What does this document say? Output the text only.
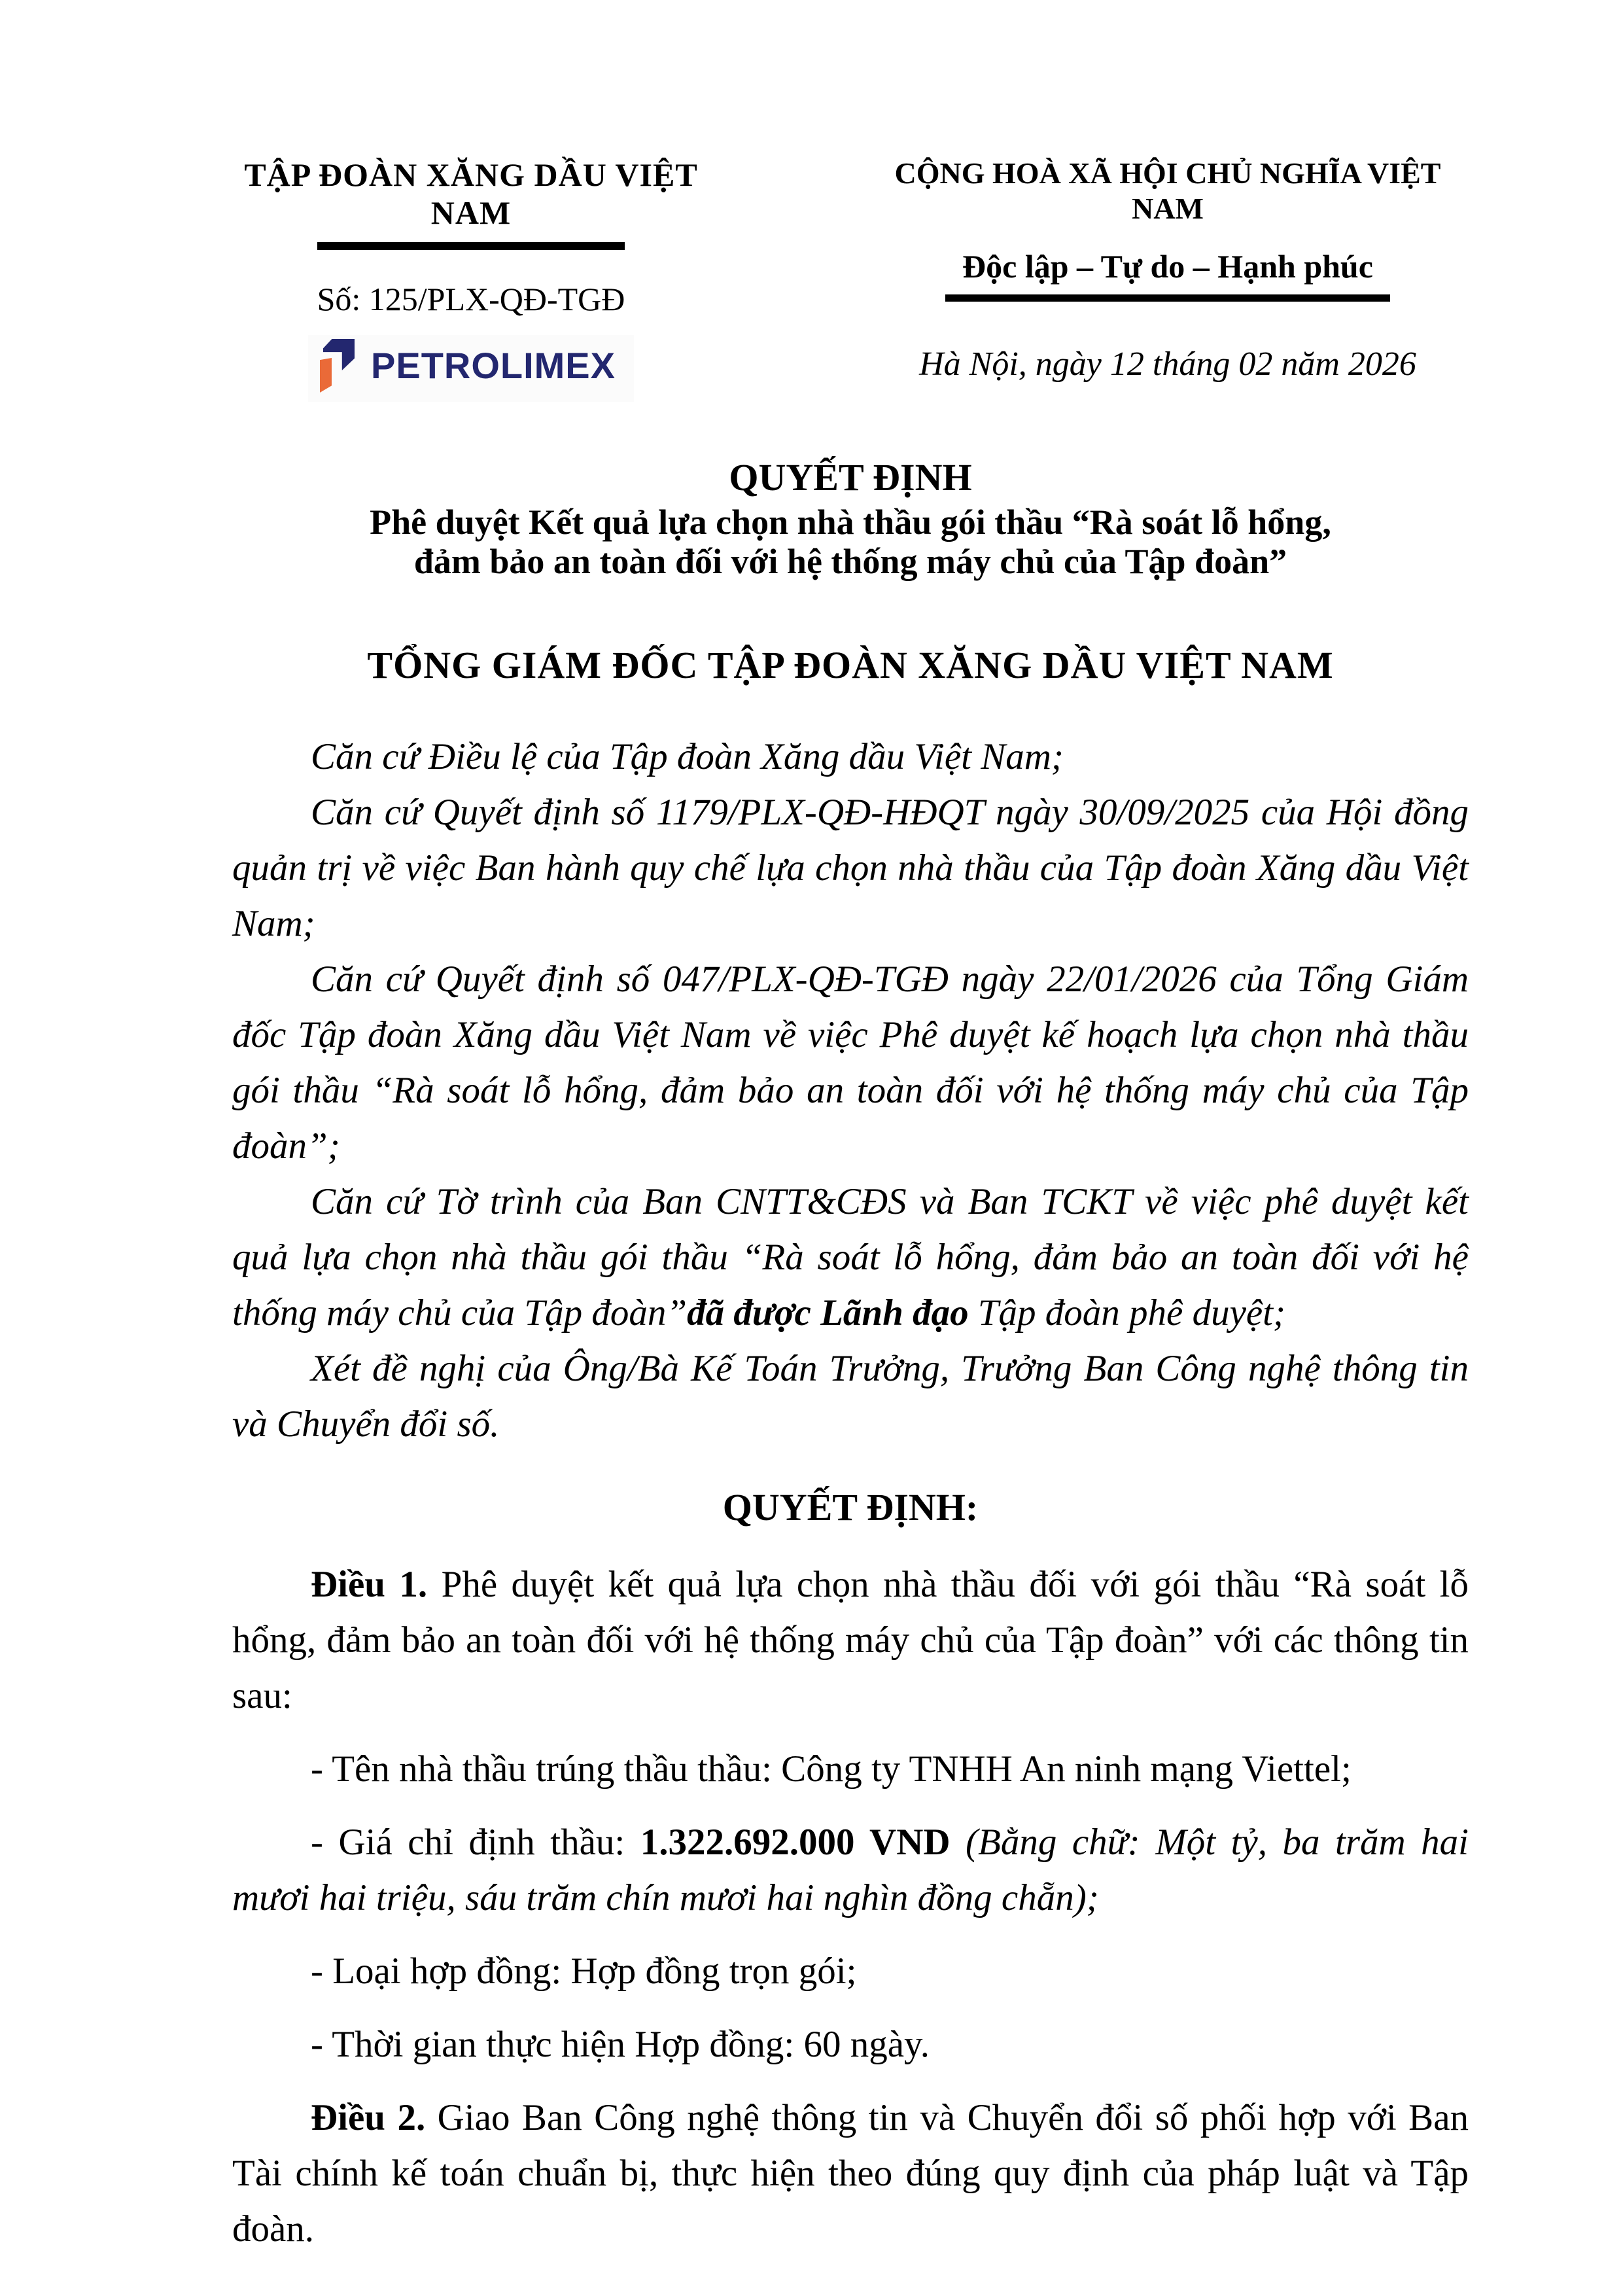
TẬP ĐOÀN XĂNG DẦU VIỆT NAM
Số: 125/PLX-QĐ-TGĐ
PETROLIMEX
CỘNG HOÀ XÃ HỘI CHỦ NGHĨA VIỆT NAM
Độc lập – Tự do – Hạnh phúc
Hà Nội, ngày 12 tháng 02 năm 2026
QUYẾT ĐỊNH
Phê duyệt Kết quả lựa chọn nhà thầu gói thầu “Rà soát lỗ hổng,
đảm bảo an toàn đối với hệ thống máy chủ của Tập đoàn”
TỔNG GIÁM ĐỐC TẬP ĐOÀN XĂNG DẦU VIỆT NAM

Căn cứ Điều lệ của Tập đoàn Xăng dầu Việt Nam;

Căn cứ Quyết định số 1179/PLX-QĐ-HĐQT ngày 30/09/2025 của Hội đồng quản trị về việc Ban hành quy chế lựa chọn nhà thầu của Tập đoàn Xăng dầu Việt Nam;

Căn cứ Quyết định số 047/PLX-QĐ-TGĐ ngày 22/01/2026 của Tổng Giám đốc Tập đoàn Xăng dầu Việt Nam về việc Phê duyệt kế hoạch lựa chọn nhà thầu gói thầu “Rà soát lỗ hổng, đảm bảo an toàn đối với hệ thống máy chủ của Tập đoàn”;

Căn cứ Tờ trình của Ban CNTT&CĐS và Ban TCKT về việc phê duyệt kết quả lựa chọn nhà thầu gói thầu “Rà soát lỗ hổng, đảm bảo an toàn đối với hệ thống máy chủ của Tập đoàn”đã được Lãnh đạo Tập đoàn phê duyệt;

Xét đề nghị của Ông/Bà Kế Toán Trưởng, Trưởng Ban Công nghệ thông tin và Chuyển đổi số.

QUYẾT ĐỊNH:

Điều 1. Phê duyệt kết quả lựa chọn nhà thầu đối với gói thầu “Rà soát lỗ hổng, đảm bảo an toàn đối với hệ thống máy chủ của Tập đoàn” với các thông tin sau:

- Tên nhà thầu trúng thầu thầu: Công ty TNHH An ninh mạng Viettel;

- Giá chỉ định thầu: 1.322.692.000 VND (Bằng chữ: Một tỷ, ba trăm hai mươi hai triệu, sáu trăm chín mươi hai nghìn đồng chẵn);

- Loại hợp đồng: Hợp đồng trọn gói;

- Thời gian thực hiện Hợp đồng: 60 ngày.

Điều 2. Giao Ban Công nghệ thông tin và Chuyển đổi số phối hợp với Ban Tài chính kế toán chuẩn bị, thực hiện theo đúng quy định của pháp luật và Tập đoàn.
